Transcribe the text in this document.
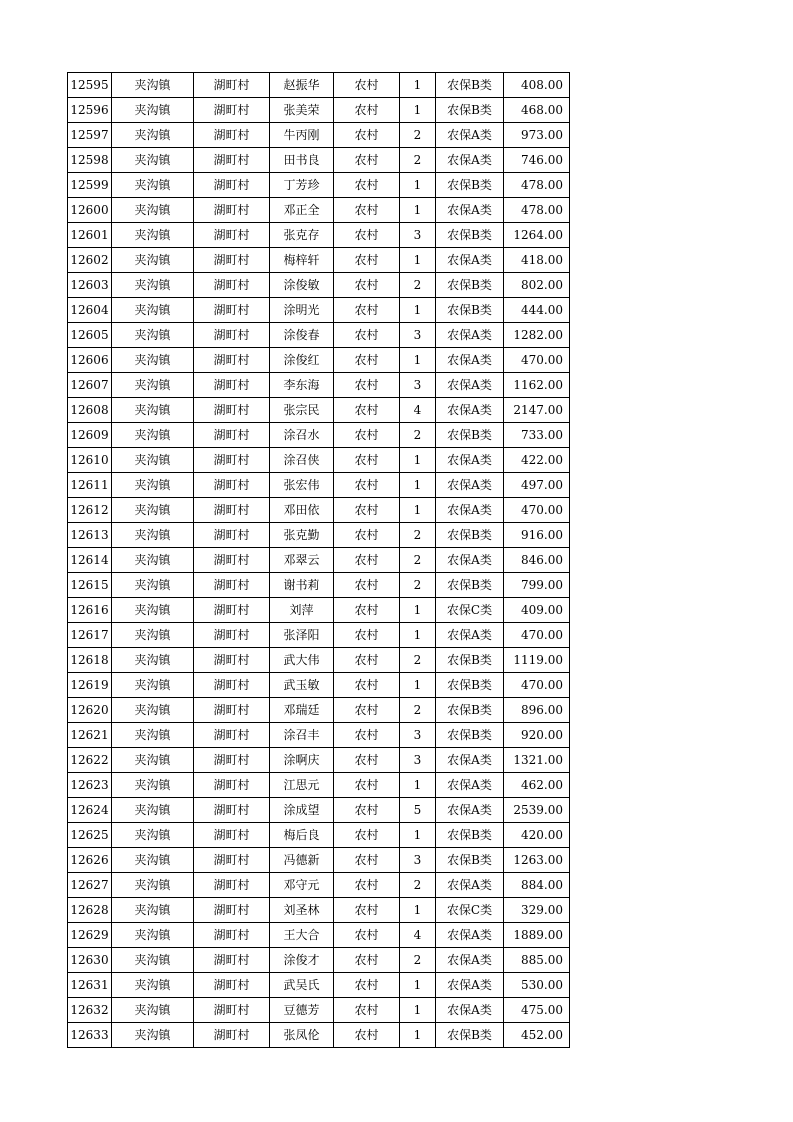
12595	夹沟镇	湖町村	赵振华	农村	1	农保B类	408.00
12596	夹沟镇	湖町村	张美荣	农村	1	农保B类	468.00
12597	夹沟镇	湖町村	牛丙刚	农村	2	农保A类	973.00
12598	夹沟镇	湖町村	田书良	农村	2	农保A类	746.00
12599	夹沟镇	湖町村	丁芳珍	农村	1	农保B类	478.00
12600	夹沟镇	湖町村	邓正全	农村	1	农保A类	478.00
12601	夹沟镇	湖町村	张克存	农村	3	农保B类	1264.00
12602	夹沟镇	湖町村	梅梓轩	农村	1	农保A类	418.00
12603	夹沟镇	湖町村	涂俊敏	农村	2	农保B类	802.00
12604	夹沟镇	湖町村	涂明光	农村	1	农保B类	444.00
12605	夹沟镇	湖町村	涂俊春	农村	3	农保A类	1282.00
12606	夹沟镇	湖町村	涂俊红	农村	1	农保A类	470.00
12607	夹沟镇	湖町村	李东海	农村	3	农保A类	1162.00
12608	夹沟镇	湖町村	张宗民	农村	4	农保A类	2147.00
12609	夹沟镇	湖町村	涂召水	农村	2	农保B类	733.00
12610	夹沟镇	湖町村	涂召侠	农村	1	农保A类	422.00
12611	夹沟镇	湖町村	张宏伟	农村	1	农保A类	497.00
12612	夹沟镇	湖町村	邓田依	农村	1	农保A类	470.00
12613	夹沟镇	湖町村	张克勤	农村	2	农保B类	916.00
12614	夹沟镇	湖町村	邓翠云	农村	2	农保A类	846.00
12615	夹沟镇	湖町村	谢书莉	农村	2	农保B类	799.00
12616	夹沟镇	湖町村	刘萍	农村	1	农保C类	409.00
12617	夹沟镇	湖町村	张泽阳	农村	1	农保A类	470.00
12618	夹沟镇	湖町村	武大伟	农村	2	农保B类	1119.00
12619	夹沟镇	湖町村	武玉敏	农村	1	农保B类	470.00
12620	夹沟镇	湖町村	邓瑞廷	农村	2	农保B类	896.00
12621	夹沟镇	湖町村	涂召丰	农村	3	农保B类	920.00
12622	夹沟镇	湖町村	涂啊庆	农村	3	农保A类	1321.00
12623	夹沟镇	湖町村	江思元	农村	1	农保A类	462.00
12624	夹沟镇	湖町村	涂成望	农村	5	农保A类	2539.00
12625	夹沟镇	湖町村	梅后良	农村	1	农保B类	420.00
12626	夹沟镇	湖町村	冯德新	农村	3	农保B类	1263.00
12627	夹沟镇	湖町村	邓守元	农村	2	农保A类	884.00
12628	夹沟镇	湖町村	刘圣林	农村	1	农保C类	329.00
12629	夹沟镇	湖町村	王大合	农村	4	农保A类	1889.00
12630	夹沟镇	湖町村	涂俊才	农村	2	农保A类	885.00
12631	夹沟镇	湖町村	武吴氏	农村	1	农保A类	530.00
12632	夹沟镇	湖町村	豆德芳	农村	1	农保A类	475.00
12633	夹沟镇	湖町村	张凤伦	农村	1	农保B类	452.00
